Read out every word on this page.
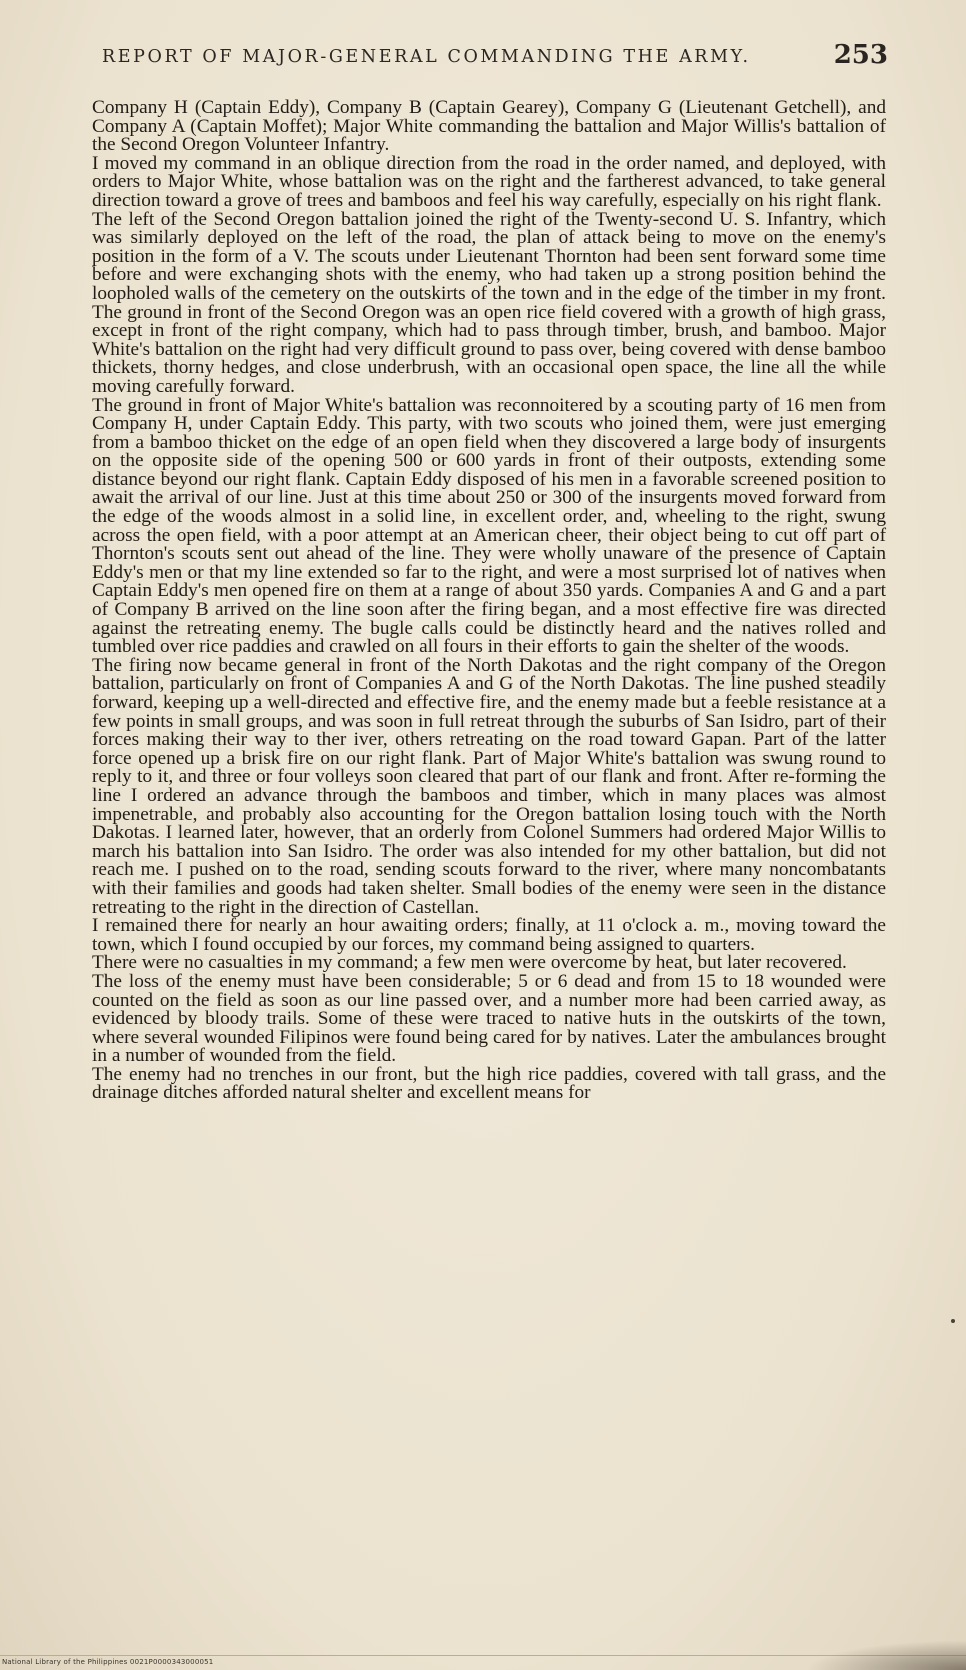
REPORT OF MAJOR-GENERAL COMMANDING THE ARMY.	253

Company H (Captain Eddy), Company B (Captain Gearey), Company G (Lieutenant Getchell), and Company A (Captain Moffet); Major White commanding the battalion and Major Willis's battalion of the Second Oregon Volunteer Infantry.

I moved my command in an oblique direction from the road in the order named, and deployed, with orders to Major White, whose battalion was on the right and the fartherest advanced, to take general direction toward a grove of trees and bamboos and feel his way carefully, especially on his right flank.

The left of the Second Oregon battalion joined the right of the Twenty-second U. S. Infantry, which was similarly deployed on the left of the road, the plan of attack being to move on the enemy's position in the form of a V. The scouts under Lieutenant Thornton had been sent forward some time before and were exchanging shots with the enemy, who had taken up a strong position behind the loopholed walls of the cemetery on the outskirts of the town and in the edge of the timber in my front. The ground in front of the Second Oregon was an open rice field covered with a growth of high grass, except in front of the right company, which had to pass through timber, brush, and bamboo. Major White's battalion on the right had very difficult ground to pass over, being covered with dense bamboo thickets, thorny hedges, and close underbrush, with an occasional open space, the line all the while moving carefully forward.

The ground in front of Major White's battalion was reconnoitered by a scouting party of 16 men from Company H, under Captain Eddy. This party, with two scouts who joined them, were just emerging from a bamboo thicket on the edge of an open field when they discovered a large body of insurgents on the opposite side of the opening 500 or 600 yards in front of their outposts, extending some distance beyond our right flank. Captain Eddy disposed of his men in a favorable screened position to await the arrival of our line. Just at this time about 250 or 300 of the insurgents moved forward from the edge of the woods almost in a solid line, in excellent order, and, wheeling to the right, swung across the open field, with a poor attempt at an American cheer, their object being to cut off part of Thornton's scouts sent out ahead of the line. They were wholly unaware of the presence of Captain Eddy's men or that my line extended so far to the right, and were a most surprised lot of natives when Captain Eddy's men opened fire on them at a range of about 350 yards. Companies A and G and a part of Company B arrived on the line soon after the firing began, and a most effective fire was directed against the retreating enemy. The bugle calls could be distinctly heard and the natives rolled and tumbled over rice paddies and crawled on all fours in their efforts to gain the shelter of the woods.

The firing now became general in front of the North Dakotas and the right company of the Oregon battalion, particularly on front of Companies A and G of the North Dakotas. The line pushed steadily forward, keeping up a well-directed and effective fire, and the enemy made but a feeble resistance at a few points in small groups, and was soon in full retreat through the suburbs of San Isidro, part of their forces making their way to ther iver, others retreating on the road toward Gapan. Part of the latter force opened up a brisk fire on our right flank. Part of Major White's battalion was swung round to reply to it, and three or four volleys soon cleared that part of our flank and front. After re-forming the line I ordered an advance through the bamboos and timber, which in many places was almost impenetrable, and probably also accounting for the Oregon battalion losing touch with the North Dakotas. I learned later, however, that an orderly from Colonel Summers had ordered Major Willis to march his battalion into San Isidro. The order was also intended for my other battalion, but did not reach me. I pushed on to the road, sending scouts forward to the river, where many noncombatants with their families and goods had taken shelter. Small bodies of the enemy were seen in the distance retreating to the right in the direction of Castellan.

I remained there for nearly an hour awaiting orders; finally, at 11 o'clock a. m., moving toward the town, which I found occupied by our forces, my command being assigned to quarters.

There were no casualties in my command; a few men were overcome by heat, but later recovered.

The loss of the enemy must have been considerable; 5 or 6 dead and from 15 to 18 wounded were counted on the field as soon as our line passed over, and a number more had been carried away, as evidenced by bloody trails. Some of these were traced to native huts in the outskirts of the town, where several wounded Filipinos were found being cared for by natives. Later the ambulances brought in a number of wounded from the field.

The enemy had no trenches in our front, but the high rice paddies, covered with tall grass, and the drainage ditches afforded natural shelter and excellent means for

National Library of the Philippines 0021P0000343000051
